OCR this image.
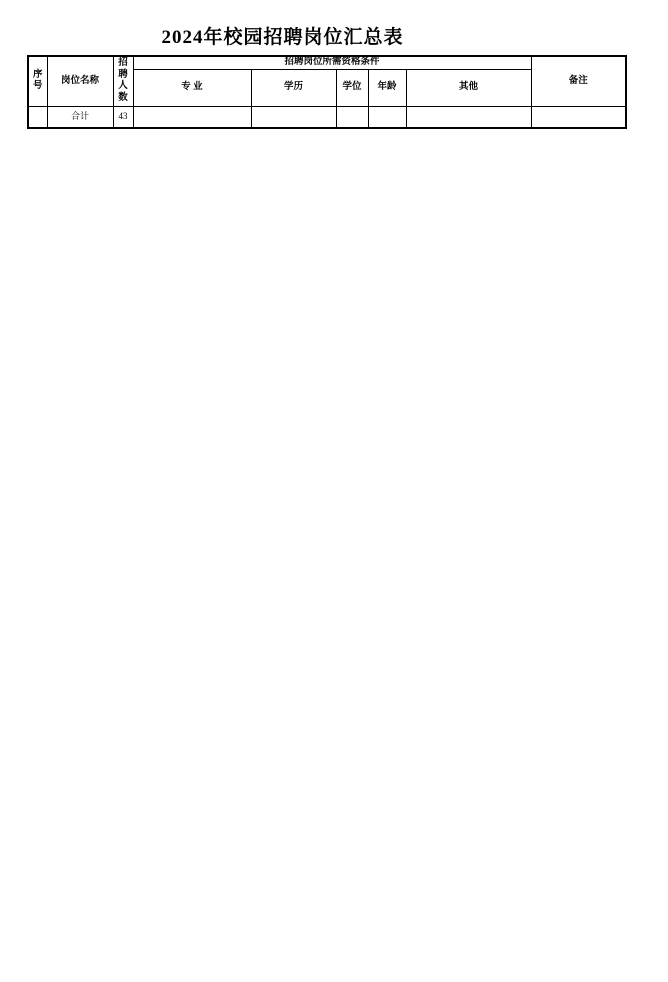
2024年校园招聘岗位汇总表
序号	岗位名称	招聘人数	招聘岗位所需资格条件					备注
			专 业	学历	学位	年龄	其他	
	合计	43						
